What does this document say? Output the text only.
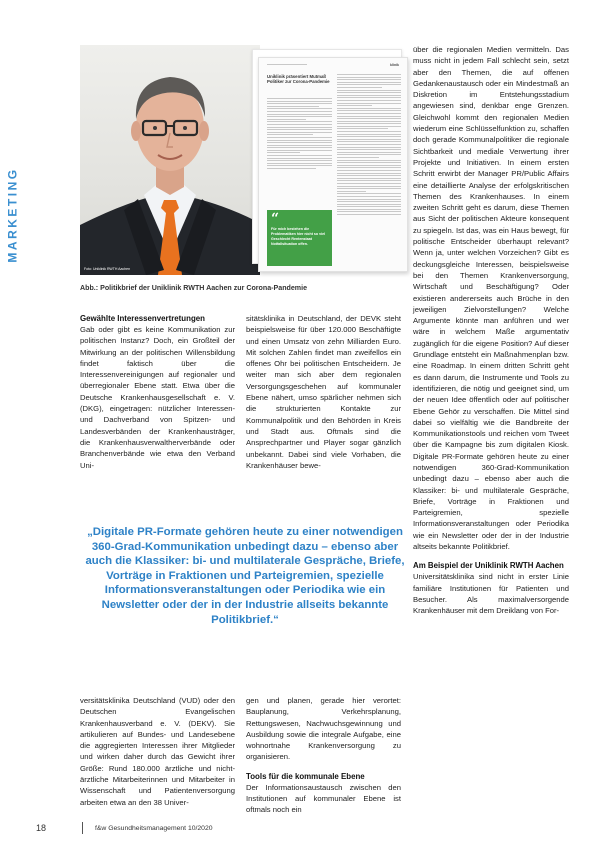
MARKETING
Foto: Uniklinik RWTH Aachen
klinik
Uniklinik präsentiert Mutmaß Politiker zur Corona-Pandemie
“
Für mich bestehen die Problematiken hier nicht so viel Geschlecht Rentenstaat Notfallsituation offen.
Abb.: Politikbrief der Uniklinik RWTH Aachen zur Corona-Pandemie
Gewählte Interessenvertretungen

Gab oder gibt es keine Kommunikation zur politischen Instanz? Doch, ein Großteil der Mitwirkung an der politischen Willensbildung findet faktisch über die Interessenvereinigungen auf regionaler und überregionaler Ebene statt. Etwa über die Deutsche Krankenhausgesellschaft e. V. (DKG), eingetragen: nützlicher Interessen- und Dachverband von Spitzen- und Landesverbänden der Krankenhausträger, die Krankenhausverwaltherverbände oder Branchenverbände wie etwa den Verband Uni-

sitätsklinika in Deutschland, der DEVK steht beispielsweise für über 120.000 Beschäftigte und einen Umsatz von zehn Milliarden Euro. Mit solchen Zahlen findet man zweifellos ein offenes Ohr bei politischen Entscheidern. Je weiter man sich aber dem regionalen Versorgungsgeschehen auf kommunaler Ebene nähert, umso spärlicher nehmen sich die strukturierten Kontakte zur Kommunalpolitik und den Behörden in Kreis und Stadt aus. Oftmals sind die Ansprechpartner und Player sogar gänzlich unbekannt. Dabei sind viele Vorhaben, die Krankenhäuser bewe-

über die regionalen Medien vermitteln. Das muss nicht in jedem Fall schlecht sein, setzt aber den Themen, die auf offenen Gedankenaustausch oder ein Mindestmaß an Diskretion im Entstehungsstadium angewiesen sind, denkbar enge Grenzen. Gleichwohl kommt den regionalen Medien wiederum eine Schlüsselfunktion zu, schaffen doch gerade Kommunalpolitiker die regionale Sichtbarkeit und mediale Verwertung ihrer Projekte und Initiativen. In einem ersten Schritt erwirbt der Manager PR/Public Affairs eine detaillierte Analyse der erfolgskritischen Themen des Krankenhauses. In einem zweiten Schritt geht es darum, diese Themen aus Sicht der politischen Akteure konsequent zu spiegeln. Ist das, was ein Haus bewegt, für politische Entscheider überhaupt relevant? Wenn ja, unter welchen Vorzeichen? Gibt es deckungsgleiche Interessen, beispielsweise bei den Themen Krankenversorgung, Wirtschaft und Beschäftigung? Oder existieren andererseits auch Brüche in den jeweiligen Zielvorstellungen? Welche Argumente könnte man anführen und wer wäre in welchem Maße argumentativ zugänglich für die eigene Position? Auf dieser Grundlage entsteht ein Maßnahmenplan bzw. eine Roadmap. In einem dritten Schritt geht es dann darum, die Instrumente und Tools zu identifizieren, die nötig und geeignet sind, um der neuen Idee öffentlich oder auf politischer Ebene Gehör zu verschaffen. Die Mittel sind dabei so vielfältig wie die Bandbreite der Kommunikationstools und reichen vom Tweet über die Kampagne bis zum digitalen Kiosk. Digitale PR-Formate gehören heute zu einer notwendigen 360-Grad-Kommunikation unbedingt dazu – ebenso aber auch die Klassiker: bi- und multilaterale Gespräche, Briefe, Vorträge in Fraktionen und Parteigremien, spezielle Informationsveranstaltungen oder Periodika wie ein Newsletter oder der in der Industrie altseits bekannte Politikbrief.

Am Beispiel der Uniklinik RWTH Aachen

Universitätsklinika sind nicht in erster Linie familiäre Institutionen für Patienten und Besucher. Als maximalversorgende Krankenhäuser mit dem Dreiklang von For-

„Digitale PR-Formate gehören heute zu einer notwendigen 360-Grad-Kommunikation unbedingt dazu – ebenso aber auch die Klassiker: bi- und multilaterale Gespräche, Briefe, Vorträge in Fraktionen und Parteigremien, spezielle Informationsveranstaltungen oder Periodika wie ein Newsletter oder der in der Industrie allseits bekannte Politikbrief.“

versitätsklinika Deutschland (VUD) oder den Deutschen Evangelischen Krankenhausverband e. V. (DEKV). Sie artikulieren auf Bundes- und Landesebene die aggregierten Interessen ihrer Mitglieder und wirken daher durch das Gewicht ihrer Größe: Rund 180.000 ärztliche und nicht-ärztliche Mitarbeiterinnen und Mitarbeiter in Wissenschaft und Patientenversorgung arbeiten etwa an den 38 Univer-

gen und planen, gerade hier verortet: Bauplanung, Verkehrsplanung, Rettungswesen, Nachwuchsgewinnung und Ausbildung sowie die integrale Aufgabe, eine wohnortnahe Krankenversorgung zu organisieren.

Tools für die kommunale Ebene

Der Informationsaustausch zwischen den Institutionen auf kommunaler Ebene ist oftmals noch ein

18	f&w Gesundheitsmanagement 10/2020
